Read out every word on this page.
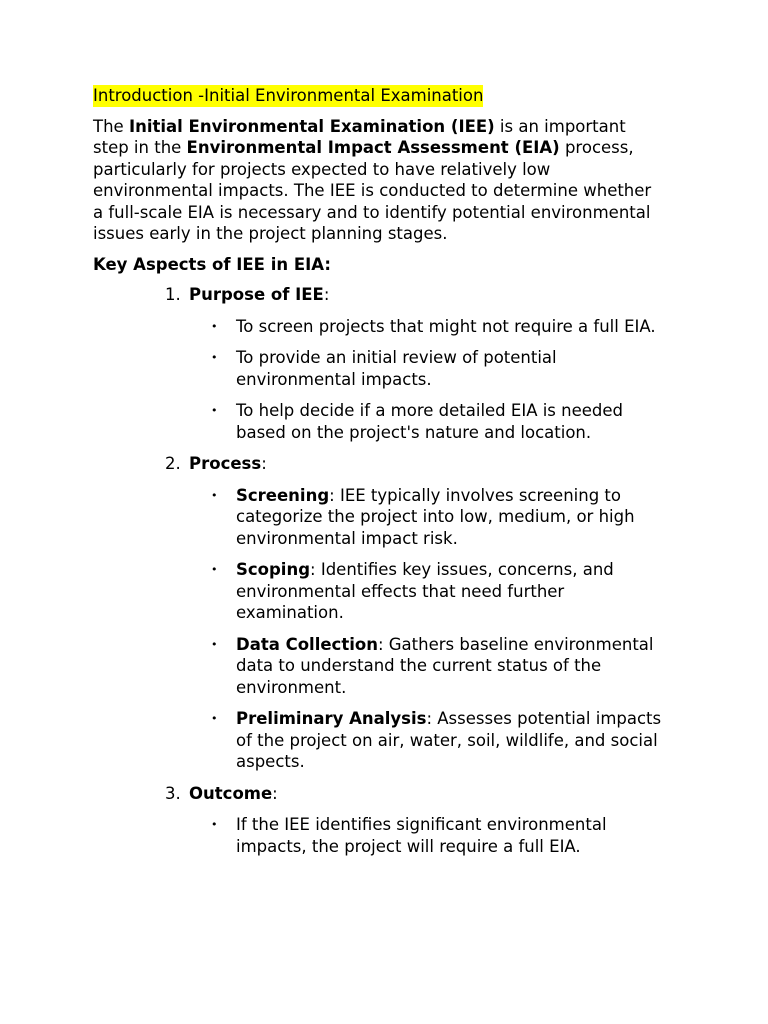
Introduction -Initial Environmental Examination

The Initial Environmental Examination (IEE) is an important step in the Environmental Impact Assessment (EIA) process, particularly for projects expected to have relatively low environmental impacts. The IEE is conducted to determine whether a full-scale EIA is necessary and to identify potential environmental issues early in the project planning stages.

Key Aspects of IEE in EIA:
1. Purpose of IEE:
• To screen projects that might not require a full EIA.
• To provide an initial review of potential environmental impacts.
• To help decide if a more detailed EIA is needed based on the project's nature and location.
2. Process:
• Screening: IEE typically involves screening to categorize the project into low, medium, or high environmental impact risk.
• Scoping: Identifies key issues, concerns, and environmental effects that need further examination.
• Data Collection: Gathers baseline environmental data to understand the current status of the environment.
• Preliminary Analysis: Assesses potential impacts of the project on air, water, soil, wildlife, and social aspects.
3. Outcome:
• If the IEE identifies significant environmental impacts, the project will require a full EIA.
